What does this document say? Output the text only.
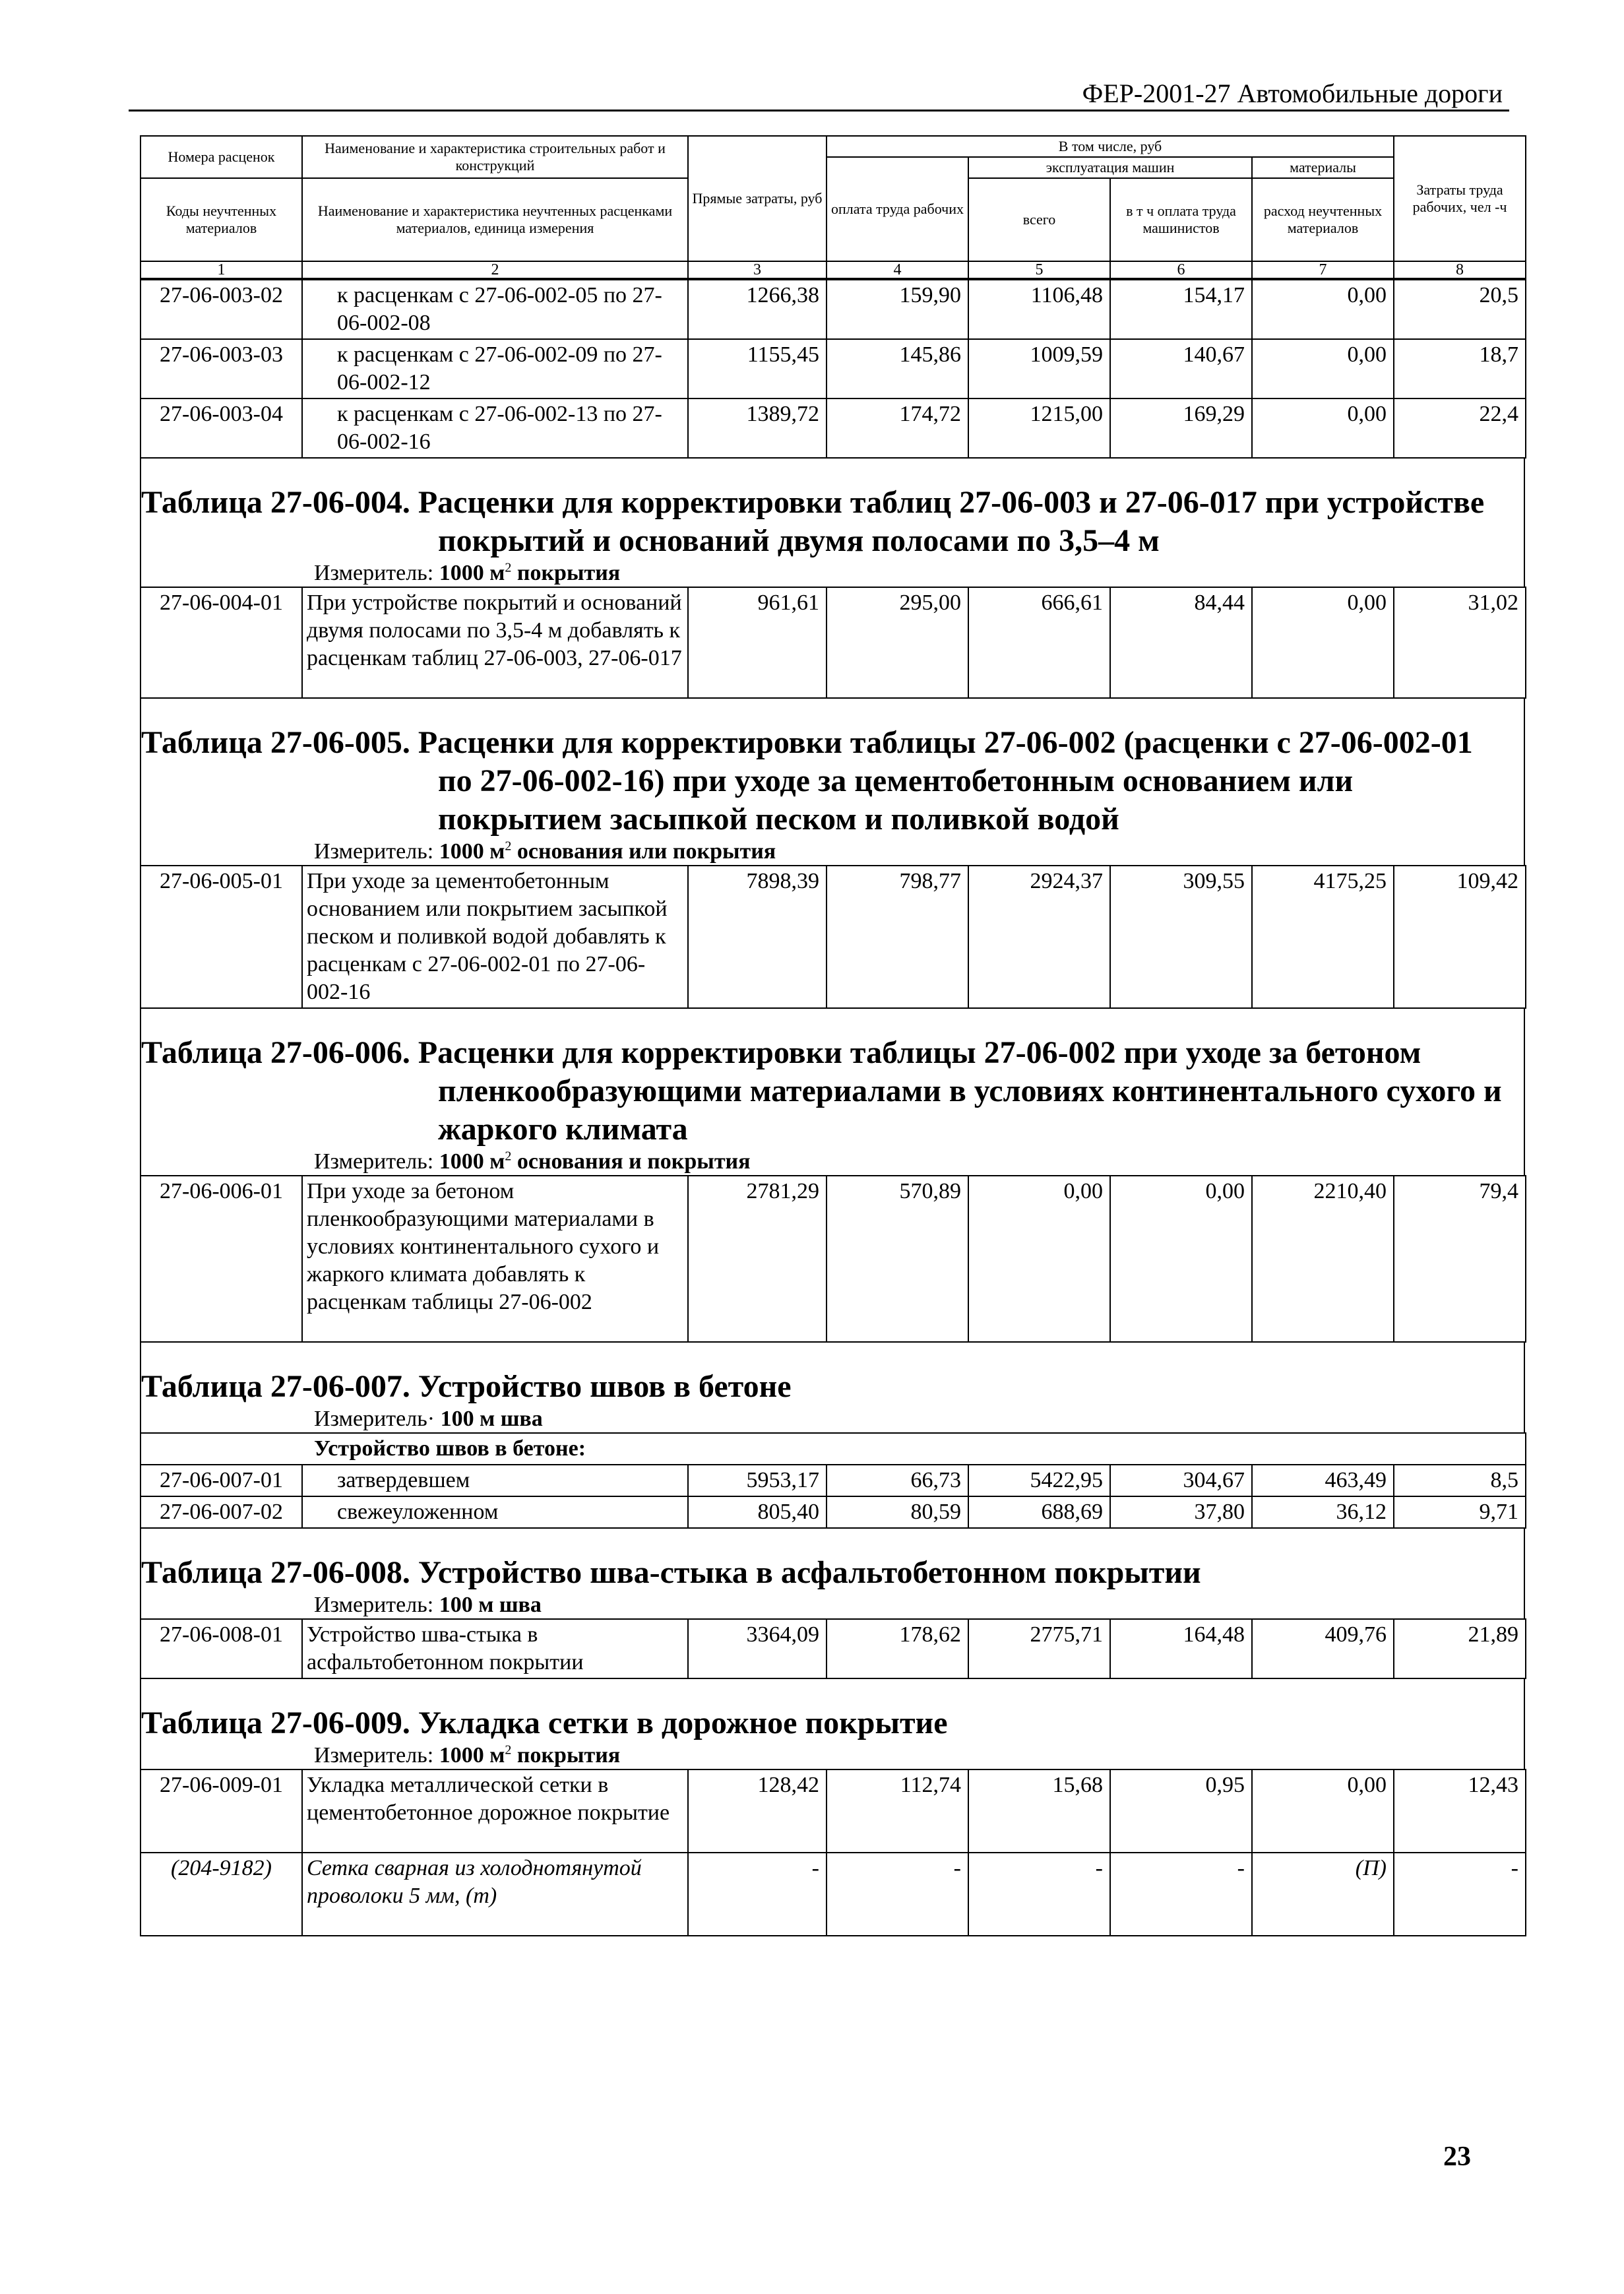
ФЕР-2001-27 Автомобильные дороги
Номера расценок	Наименование и характеристика строительных работ и конструкций	Прямые затраты, руб	В том числе, руб				Затраты труда рабочих, чел -ч
			оплата труда рабочих	эксплуатация машин		материалы	
Коды неучтенных материалов	Наименование и характеристика неучтенных расценками материалов, единица измерения			всего	в т ч оплата труда машинистов	расход неучтенных материалов	

1	2	3	4	5	6	7	8
27-06-003-02	к расценкам с 27-06-002-05 по 27-06-002-08	1266,38	159,90	1106,48	154,17	0,00	20,5
27-06-003-03	к расценкам с 27-06-002-09 по 27-06-002-12	1155,45	145,86	1009,59	140,67	0,00	18,7
27-06-003-04	к расценкам с 27-06-002-13 по 27-06-002-16	1389,72	174,72	1215,00	169,29	0,00	22,4
Таблица 27-06-004. Расценки для корректировки таблиц 27-06-003 и 27-06-017 при устройстве покрытий и оснований двумя полосами по 3,5–4 м
Измеритель: 1000 $м^2$ покрытия
27-06-004-01	При устройстве покрытий и оснований двумя полосами по 3,5-4 м добавлять к расценкам таблиц 27-06-003, 27-06-017	961,61	295,00	666,61	84,44	0,00	31,02
Таблица 27-06-005. Расценки для корректировки таблицы 27-06-002 (расценки с 27-06-002-01 по 27-06-002-16) при уходе за цементобетонным основанием или покрытием засыпкой песком и поливкой водой
Измеритель: 1000 $м^2$ основания или покрытия
27-06-005-01	При уходе за цементобетонным основанием или покрытием засыпкой песком и поливкой водой добавлять к расценкам с 27-06-002-01 по 27-06-002-16	7898,39	798,77	2924,37	309,55	4175,25	109,42
Таблица 27-06-006. Расценки для корректировки таблицы 27-06-002 при уходе за бетоном пленкообразующими материалами в условиях континентального сухого и жаркого климата
Измеритель: 1000 $м^2$ основания и покрытия
27-06-006-01	При уходе за бетоном пленкообразующими материалами в условиях континентального сухого и жаркого климата добавлять к расценкам таблицы 27-06-002	2781,29	570,89	0,00	0,00	2210,40	79,4
Таблица 27-06-007. Устройство швов в бетоне
Измеритель· 100 м шва
Устройство швов в бетоне:							
27-06-007-01	затвердевшем	5953,17	66,73	5422,95	304,67	463,49	8,5
27-06-007-02	свежеуложенном	805,40	80,59	688,69	37,80	36,12	9,71
Таблица 27-06-008. Устройство шва-стыка в асфальтобетонном покрытии
Измеритель: 100 м шва
27-06-008-01	Устройство шва-стыка в асфальтобетонном покрытии	3364,09	178,62	2775,71	164,48	409,76	21,89
Таблица 27-06-009. Укладка сетки в дорожное покрытие
Измеритель: 1000 $м^2$ покрытия
27-06-009-01	Укладка металлической сетки в цементобетонное дорожное покрытие	128,42	112,74	15,68	0,95	0,00	12,43
(204-9182)	Сетка сварная из холоднотянутой проволоки 5 мм, (т)	-	-	-	-	(П)	-
23
